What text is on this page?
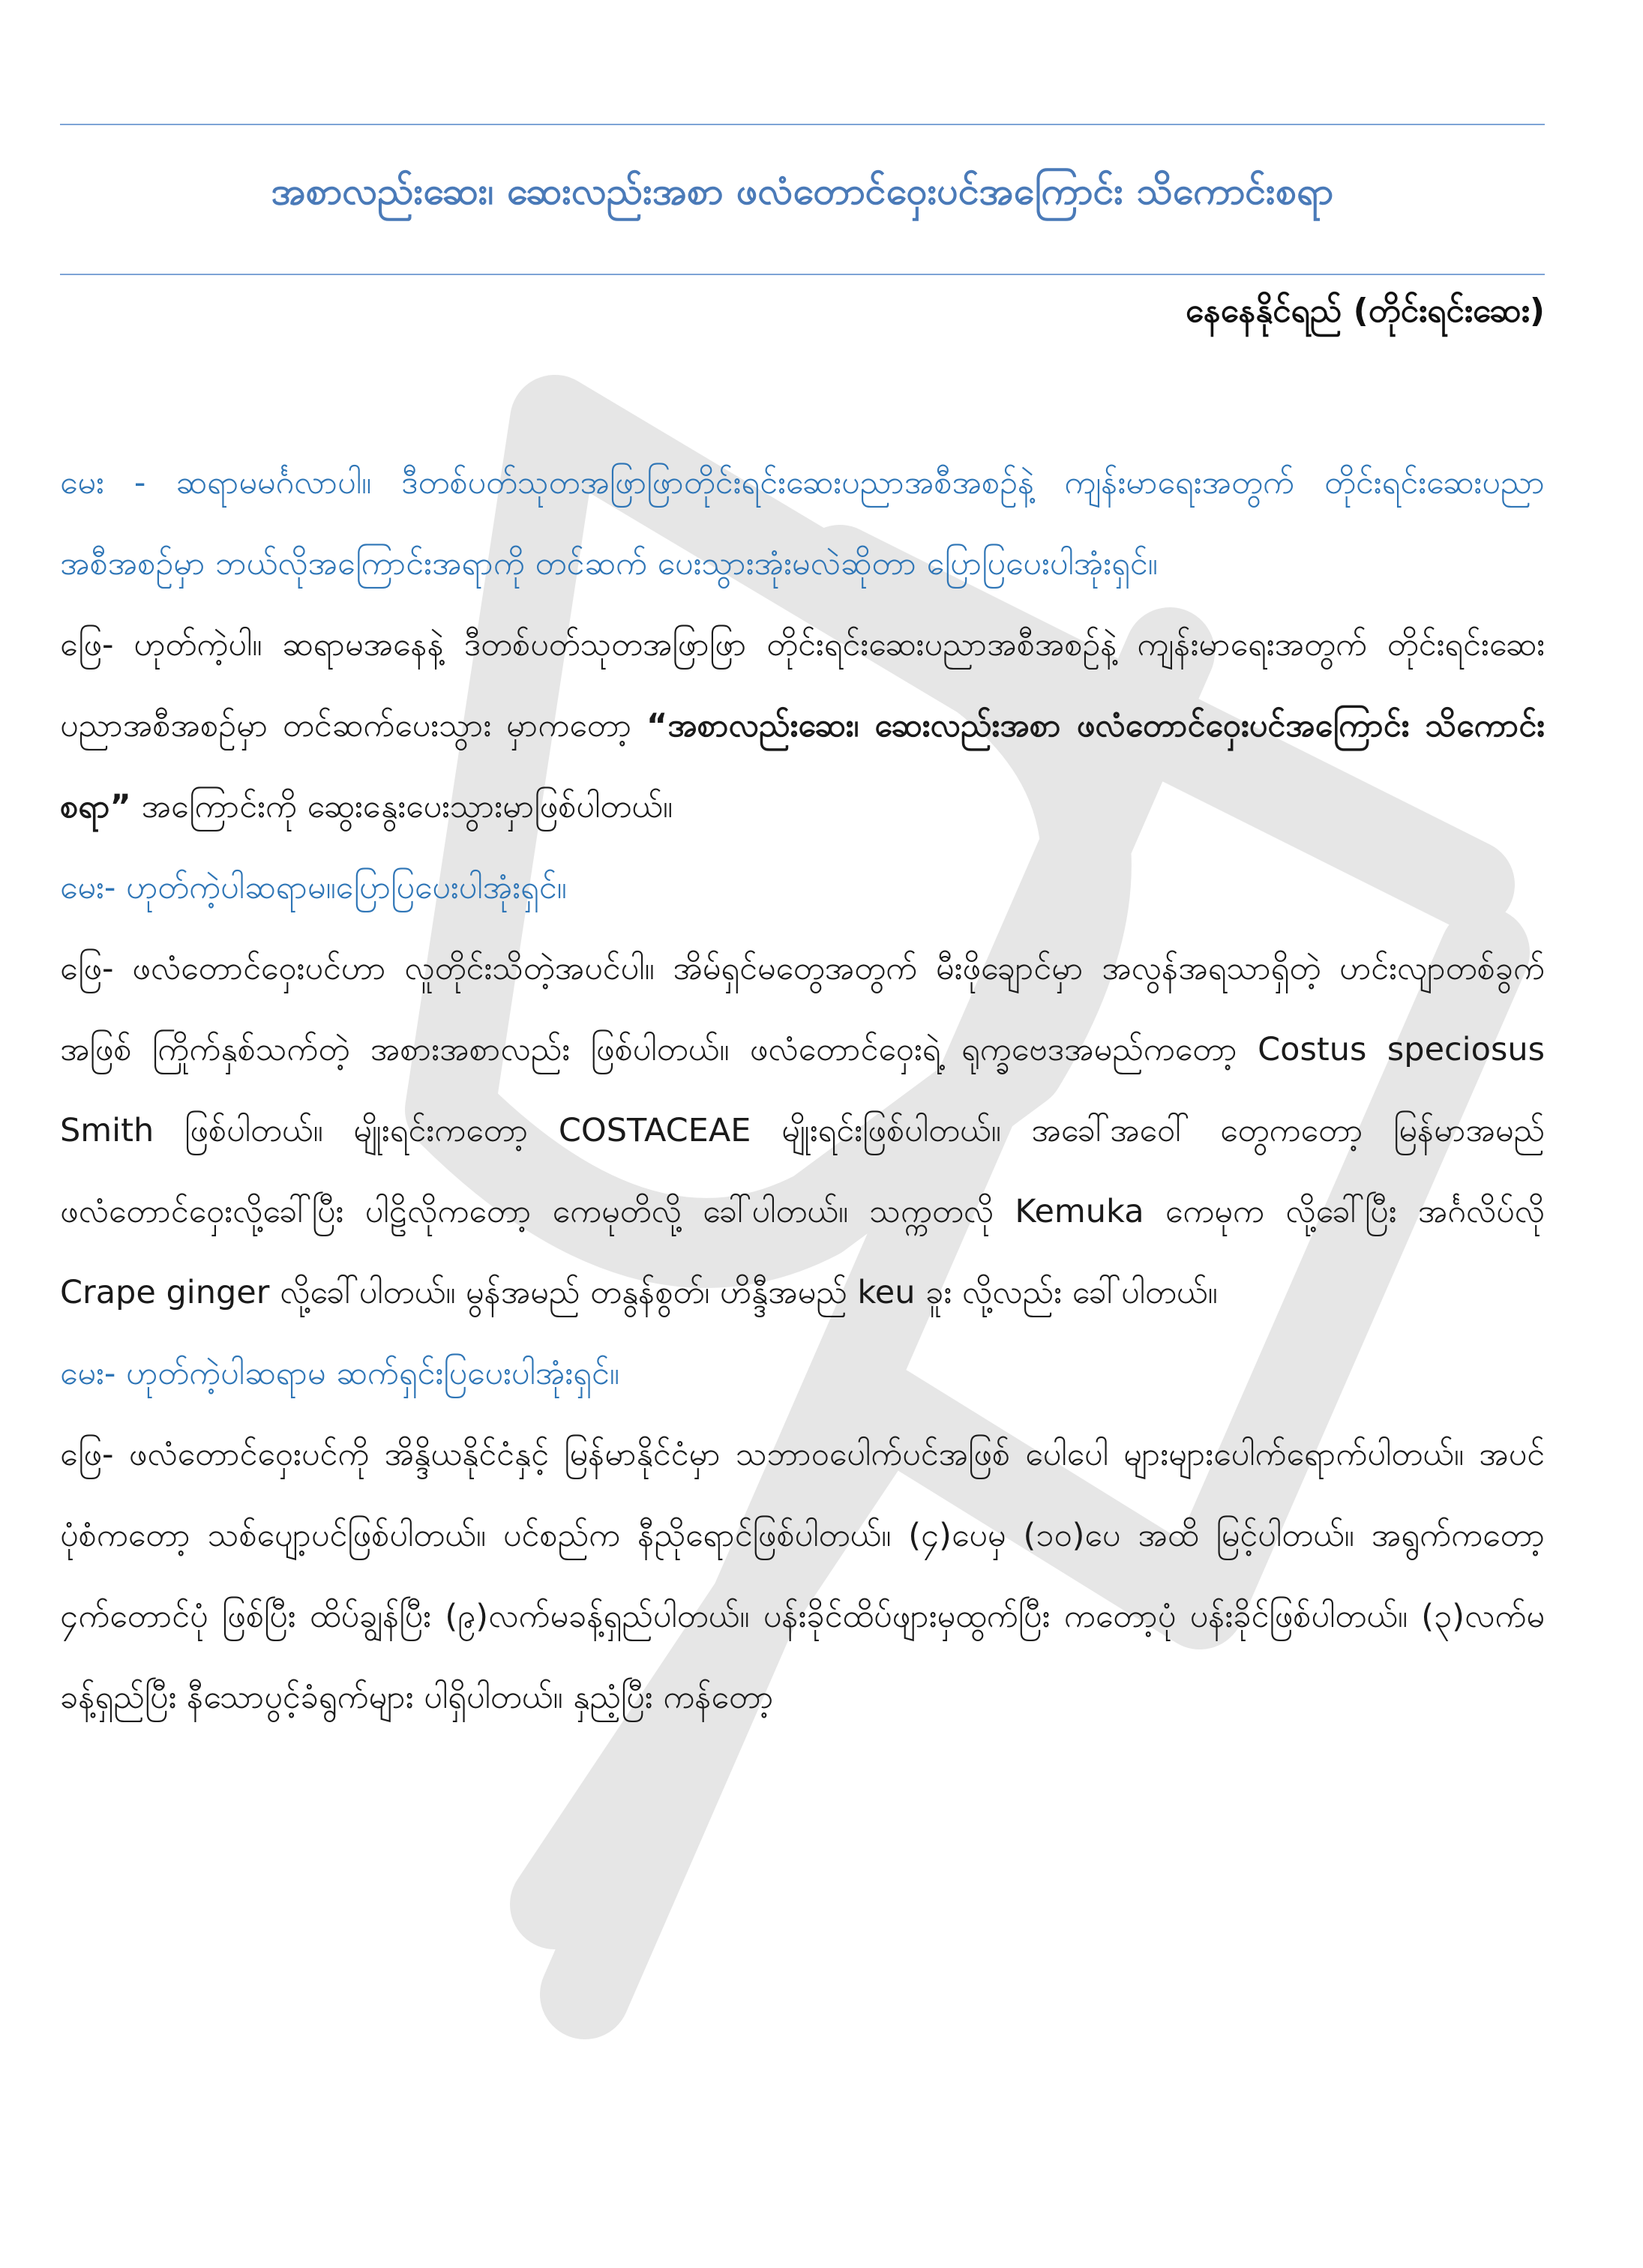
အစာလည်းဆေး၊ ဆေးလည်းအစာ ဖလံတောင်ဝှေးပင်အကြောင်း သိကောင်းစရာ
နေနေနိုင်ရည် (တိုင်းရင်းဆေး)

မေး - ဆရာမမင်္ဂလာပါ။ ဒီတစ်ပတ်သုတအဖြာဖြာတိုင်းရင်းဆေးပညာအစီအစဉ်နဲ့ ကျန်းမာရေးအတွက် တိုင်းရင်းဆေးပညာအစီအစဉ်မှာ ဘယ်လိုအကြောင်းအရာကို တင်ဆက် ပေးသွားအုံးမလဲဆိုတာ ပြောပြပေးပါအုံးရှင်။

ဖြေ- ဟုတ်ကဲ့ပါ။ ဆရာမအနေနဲ့ ဒီတစ်ပတ်သုတအဖြာဖြာ တိုင်းရင်းဆေးပညာအစီအစဉ်နဲ့ ကျန်းမာရေးအတွက် တိုင်းရင်းဆေးပညာအစီအစဉ်မှာ တင်ဆက်ပေးသွား မှာကတော့ “အစာလည်းဆေး၊ ဆေးလည်းအစာ ဖလံတောင်ဝှေးပင်အကြောင်း သိကောင်းစရာ” အကြောင်းကို ဆွေးနွေးပေးသွားမှာဖြစ်ပါတယ်။

မေး- ဟုတ်ကဲ့ပါဆရာမ။ပြောပြပေးပါအုံးရှင်။

ဖြေ- ဖလံတောင်ဝှေးပင်ဟာ လူတိုင်းသိတဲ့အပင်ပါ။ အိမ်ရှင်မတွေအတွက် မီးဖိုချောင်မှာ အလွန်အရသာရှိတဲ့ ဟင်းလျာတစ်ခွက်အဖြစ် ကြိုက်နှစ်သက်တဲ့ အစားအစာလည်း ဖြစ်ပါတယ်။ ဖလံတောင်ဝှေးရဲ့ ရုက္ခဗေဒအမည်ကတော့ Costus speciosus Smith ဖြစ်ပါတယ်။ မျိုးရင်းကတော့ COSTACEAE မျိုးရင်းဖြစ်ပါတယ်။ အခေါ်အဝေါ် တွေကတော့ မြန်မာအမည် ဖလံတောင်ဝှေးလို့ခေါ်ပြီး ပါဠိလိုကတော့ ကေမုတိလို့ ခေါ်ပါတယ်။ သက္ကတလို Kemuka ကေမုက လို့ခေါ်ပြီး အင်္ဂလိပ်လို Crape ginger လို့ခေါ်ပါတယ်။ မွန်အမည် တနွန်စွတ်၊ ဟိန္ဒီအမည် keu ခူး လို့လည်း ခေါ်ပါတယ်။

မေး- ဟုတ်ကဲ့ပါဆရာမ ဆက်ရှင်းပြပေးပါအုံးရှင်။

ဖြေ- ဖလံတောင်ဝှေးပင်ကို အိန္ဒိယနိုင်ငံနှင့် မြန်မာနိုင်ငံမှာ သဘာဝပေါက်ပင်အဖြစ် ပေါပေါ များများပေါက်ရောက်ပါတယ်။ အပင်ပုံစံကတော့ သစ်ပျော့ပင်ဖြစ်ပါတယ်။ ပင်စည်က နီညိုရောင်ဖြစ်ပါတယ်။ (၄)ပေမှ (၁၀)ပေ အထိ မြင့်ပါတယ်။ အရွက်ကတော့ ၄က်တောင်ပုံ ဖြစ်ပြီး ထိပ်ချွန်ပြီး (၉)လက်မခန့်ရှည်ပါတယ်။ ပန်းခိုင်ထိပ်ဖျားမှထွက်ပြီး ကတော့ပုံ ပန်းခိုင်ဖြစ်ပါတယ်။ (၃)လက်မခန့်ရှည်ပြီး နီသောပွင့်ခံရွက်များ ပါရှိပါတယ်။ နှညံ့ပြီး ကန်တော့
